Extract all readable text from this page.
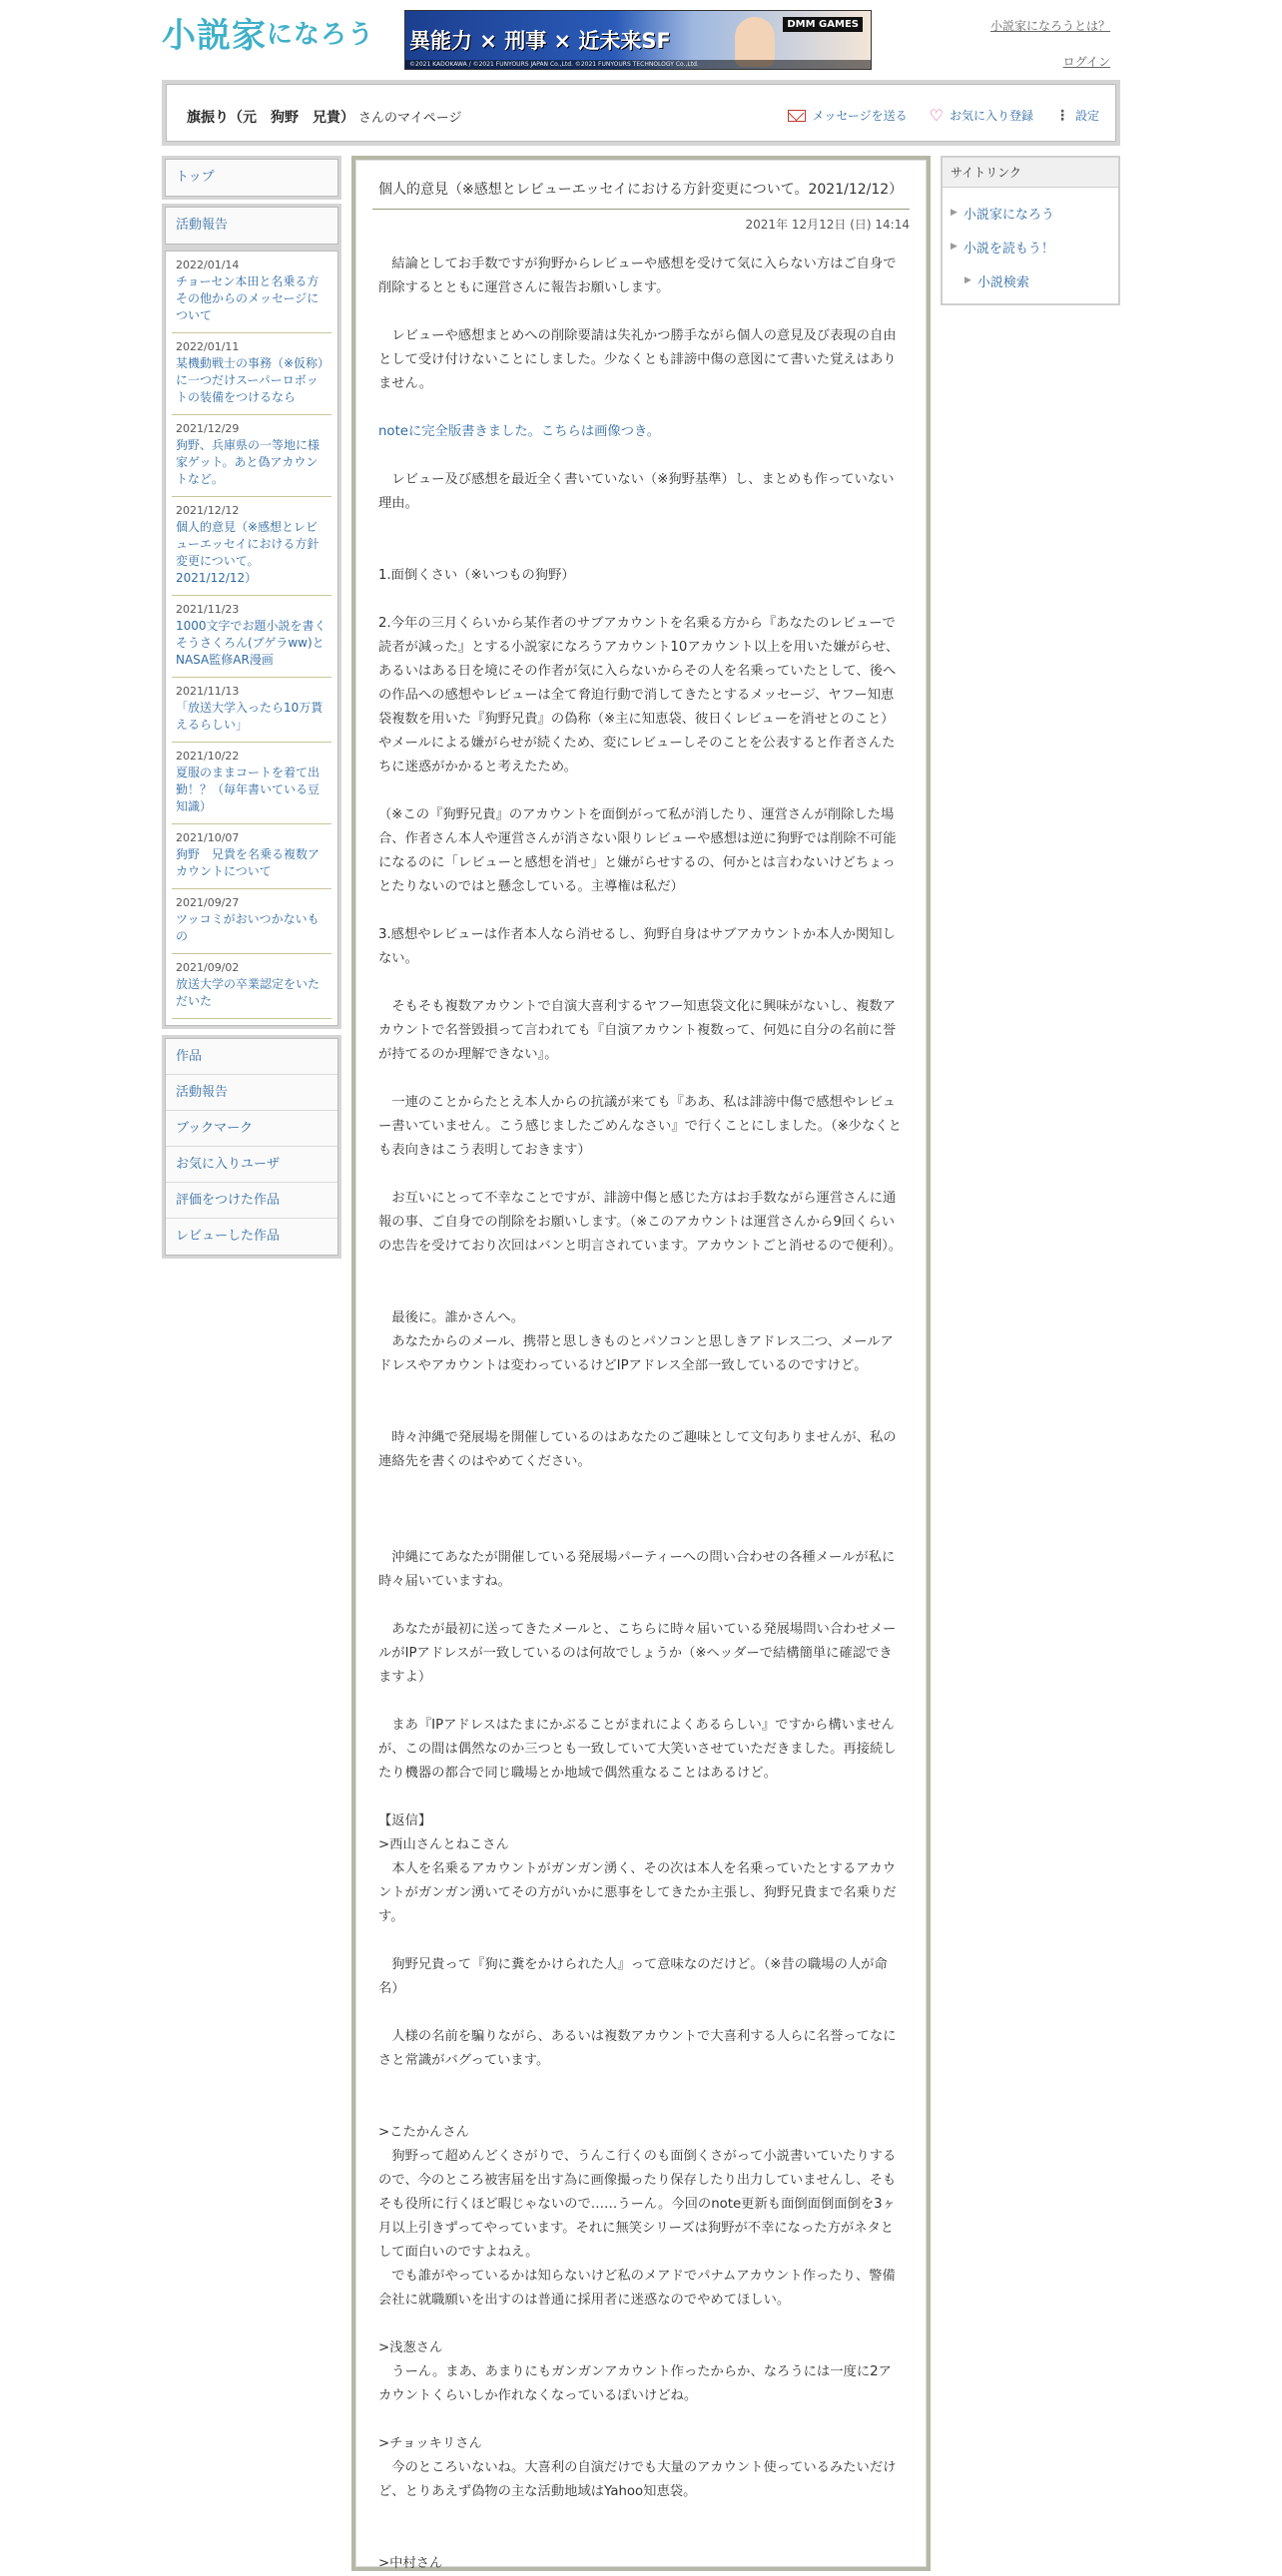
小説家 になろう 異能力 × 刑事 × 近未来SF
DMM GAMES
©2021 KADOKAWA / ©2021 FUNYOURS JAPAN Co.,Ltd. ©2021 FUNYOURS TECHNOLOGY Co.,Ltd.
小説家になろうとは？
ログイン
旗振り（元　狗野　兄貴） さんのマイページ	メッセージを送る ♡ お気に入り登録 ⋮ 設定
トップ
活動報告
2022/01/14
チョーセン本田と名乗る方その他からのメッセージについて
2022/01/11
某機動戦士の事務（※仮称）に一つだけスーパーロボットの装備をつけるなら
2021/12/29
狗野、兵庫県の一等地に様家ゲット。あと偽アカウントなど。
2021/12/12
個人的意見（※感想とレビューエッセイにおける方針変更について。2021/12/12）
2021/11/23
1000文字でお題小説を書くそうさくろん(ブゲラww)とNASA監修AR漫画
2021/11/13
「放送大学入ったら10万貰えるらしい」
2021/10/22
夏服のままコートを着て出勤！？（毎年書いている豆知識）
2021/10/07
狗野　兄貴を名乗る複数アカウントについて
2021/09/27
ツッコミがおいつかないもの
2021/09/02
放送大学の卒業認定をいただいた
作品
活動報告
ブックマーク
お気に入りユーザ
評価をつけた作品
レビューした作品
個人的意見（※感想とレビューエッセイにおける方針変更について。2021/12/12）
2021年 12月12日 (日) 14:14

　結論としてお手数ですが狗野からレビューや感想を受けて気に入らない方はご自身で削除するとともに運営さんに報告お願いします。

　レビューや感想まとめへの削除要請は失礼かつ勝手ながら個人の意見及び表現の自由として受け付けないことにしました。少なくとも誹謗中傷の意図にて書いた覚えはありません。

noteに完全版書きました。こちらは画像つき。

　レビュー及び感想を最近全く書いていない（※狗野基準）し、まとめも作っていない理由。

1.面倒くさい（※いつもの狗野）

2.今年の三月くらいから某作者のサブアカウントを名乗る方から『あなたのレビューで読者が減った』とする小説家になろうアカウント10アカウント以上を用いた嫌がらせ、あるいはある日を境にその作者が気に入らないからその人を名乗っていたとして、後への作品への感想やレビューは全て脅迫行動で消してきたとするメッセージ、ヤフー知恵袋複数を用いた『狗野兄貴』の偽称（※主に知恵袋、彼日くレビューを消せとのこと）やメールによる嫌がらせが続くため、変にレビューしそのことを公表すると作者さんたちに迷惑がかかると考えたため。

（※この『狗野兄貴』のアカウントを面倒がって私が消したり、運営さんが削除した場合、作者さん本人や運営さんが消さない限りレビューや感想は逆に狗野では削除不可能になるのに「レビューと感想を消せ」と嫌がらせするの、何かとは言わないけどちょっとたりないのではと懸念している。主導権は私だ）

3.感想やレビューは作者本人なら消せるし、狗野自身はサブアカウントか本人か関知しない。

　そもそも複数アカウントで自演大喜利するヤフー知恵袋文化に興味がないし、複数アカウントで名誉毀損って言われても『自演アカウント複数って、何処に自分の名前に誉が持てるのか理解できない』。

　一連のことからたとえ本人からの抗議が来ても『ああ、私は誹謗中傷で感想やレビュー書いていません。こう感じましたごめんなさい』で行くことにしました。（※少なくとも表向きはこう表明しておきます）

　お互いにとって不幸なことですが、誹謗中傷と感じた方はお手数ながら運営さんに通報の事、ご自身での削除をお願いします。（※このアカウントは運営さんから9回くらいの忠告を受けており次回はバンと明言されています。アカウントごと消せるので便利）。

　最後に。誰かさんへ。
　あなたからのメール、携帯と思しきものとパソコンと思しきアドレス二つ、メールアドレスやアカウントは変わっているけどIPアドレス全部一致しているのですけど。

　時々沖縄で発展場を開催しているのはあなたのご趣味として文句ありませんが、私の連絡先を書くのはやめてください。

　沖縄にてあなたが開催している発展場パーティーへの問い合わせの各種メールが私に時々届いていますね。

　あなたが最初に送ってきたメールと、こちらに時々届いている発展場問い合わせメールがIPアドレスが一致しているのは何故でしょうか（※ヘッダーで結構簡単に確認できますよ）

　まあ『IPアドレスはたまにかぶることがまれによくあるらしい』ですから構いませんが、この間は偶然なのか三つとも一致していて大笑いさせていただきました。再接続したり機器の都合で同じ職場とか地域で偶然重なることはあるけど。

【返信】
>西山さんとねこさん
　本人を名乗るアカウントがガンガン湧く、その次は本人を名乗っていたとするアカウントがガンガン湧いてその方がいかに悪事をしてきたか主張し、狗野兄貴まで名乗りだす。

　狗野兄貴って『狗に糞をかけられた人』って意味なのだけど。（※昔の職場の人が命名）

　人様の名前を騙りながら、あるいは複数アカウントで大喜利する人らに名誉ってなにさと常識がバグっています。

>こたかんさん
　狗野って超めんどくさがりで、うんこ行くのも面倒くさがって小説書いていたりするので、今のところ被害届を出す為に画像撮ったり保存したり出力していませんし、そもそも役所に行くほど暇じゃないので……うーん。今回のnote更新も面倒面倒面倒を3ヶ月以上引きずってやっています。それに無笑シリーズは狗野が不幸になった方がネタとして面白いのですよねえ。
　でも誰がやっているかは知らないけど私のメアドでパナムアカウント作ったり、警備会社に就職願いを出すのは普通に採用者に迷惑なのでやめてほしい。

>浅葱さん
　うーん。まあ、あまりにもガンガンアカウント作ったからか、なろうには一度に2アカウントくらいしか作れなくなっているぽいけどね。

>チョッキリさん
　今のところいないね。大喜利の自演だけでも大量のアカウント使っているみたいだけど、とりあえず偽物の主な活動地域はYahoo知恵袋。

>中村さん

サイトリンク
▶ 小説家になろう
▶ 小説を読もう！
▶ 小説検索
